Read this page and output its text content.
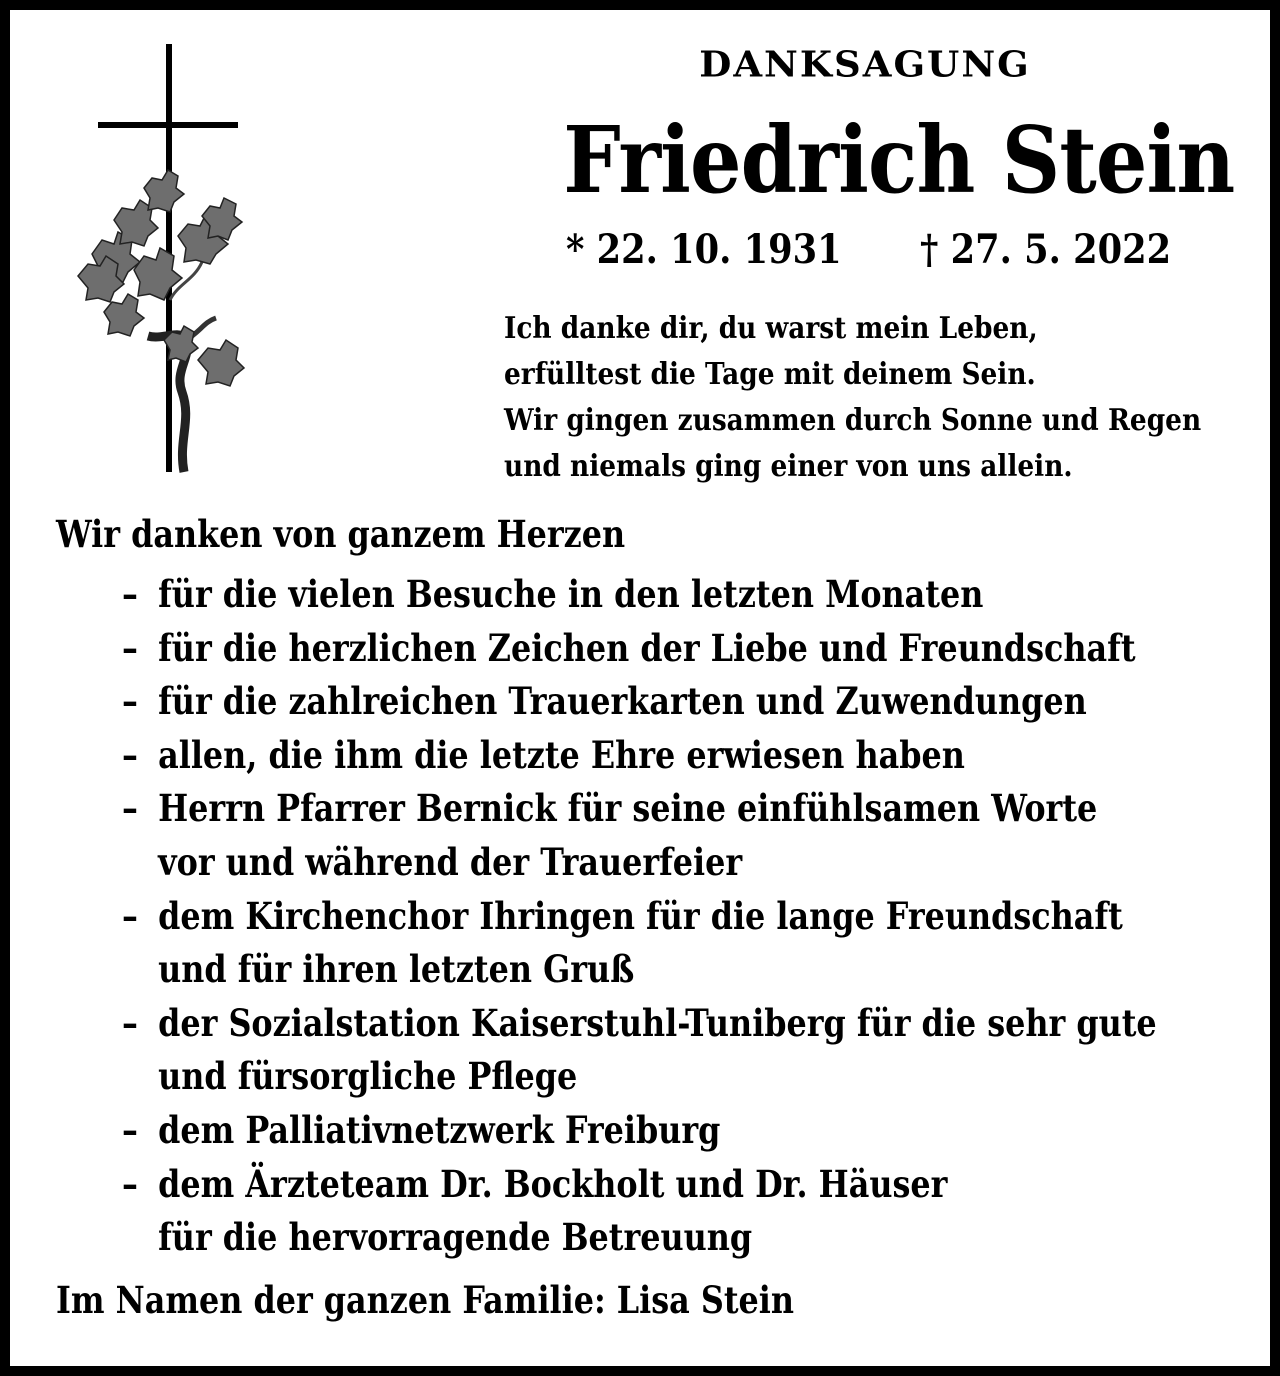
DANKSAGUNG
Friedrich Stein
* 22. 10. 1931 † 27. 5. 2022
Ich danke dir, du warst mein Leben,
erfülltest die Tage mit deinem Sein.
Wir gingen zusammen durch Sonne und Regen
und niemals ging einer von uns allein.
Wir danken von ganzem Herzen
– für die vielen Besuche in den letzten Monaten
– für die herzlichen Zeichen der Liebe und Freundschaft
– für die zahlreichen Trauerkarten und Zuwendungen
– allen, die ihm die letzte Ehre erwiesen haben
– Herrn Pfarrer Bernick für seine einfühlsamen Worte
vor und während der Trauerfeier
– dem Kirchenchor Ihringen für die lange Freundschaft
und für ihren letzten Gruß
– der Sozialstation Kaiserstuhl-Tuniberg für die sehr gute
und fürsorgliche Pflege
– dem Palliativnetzwerk Freiburg
– dem Ärzteteam Dr. Bockholt und Dr. Häuser
für die hervorragende Betreuung
Im Namen der ganzen Familie: Lisa Stein
